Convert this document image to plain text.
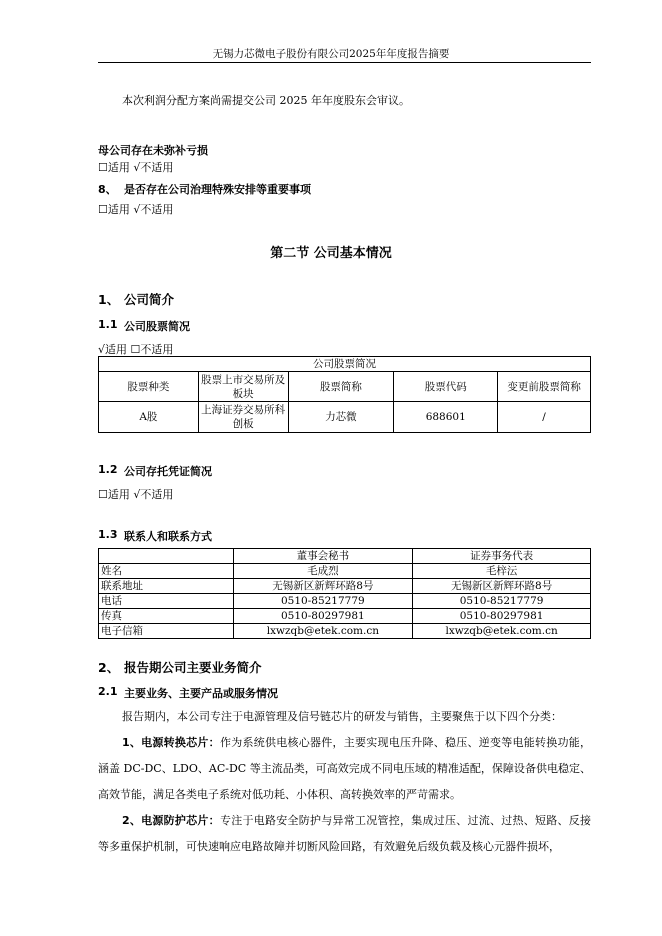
无锡力芯微电子股份有限公司2025年年度报告摘要
本次利润分配方案尚需提交公司 2025 年年度股东会审议。
母公司存在未弥补亏损
☐适用 √不适用
8、 是否存在公司治理特殊安排等重要事项
☐适用 √不适用
第二节 公司基本情况
1、 公司简介
1.1 公司股票简况
√适用 ☐不适用
公司股票简况				
股票种类	股票上市交易所及板块	股票简称	股票代码	变更前股票简称
A股	上海证券交易所科创板	力芯微	688601	/
1.2 公司存托凭证简况
☐适用 √不适用
1.3 联系人和联系方式
	董事会秘书	证券事务代表
姓名	毛成烈	毛梓沄
联系地址	无锡新区新辉环路8号	无锡新区新辉环路8号
电话	0510-85217779	0510-85217779
传真	0510-80297981	0510-80297981
电子信箱	lxwzqb@etek.com.cn	lxwzqb@etek.com.cn
2、 报告期公司主要业务简介
2.1 主要业务、主要产品或服务情况
报告期内，本公司专注于电源管理及信号链芯片的研发与销售，主要聚焦于以下四个分类：
1、电源转换芯片：作为系统供电核心器件，主要实现电压升降、稳压、逆变等电能转换功能，涵盖 DC-DC、LDO、AC-DC 等主流品类，可高效完成不同电压域的精准适配，保障设备供电稳定、高效节能，满足各类电子系统对低功耗、小体积、高转换效率的严苛需求。
2、电源防护芯片：专注于电路安全防护与异常工况管控，集成过压、过流、过热、短路、反接等多重保护机制，可快速响应电路故障并切断风险回路，有效避免后级负载及核心元器件损坏，
